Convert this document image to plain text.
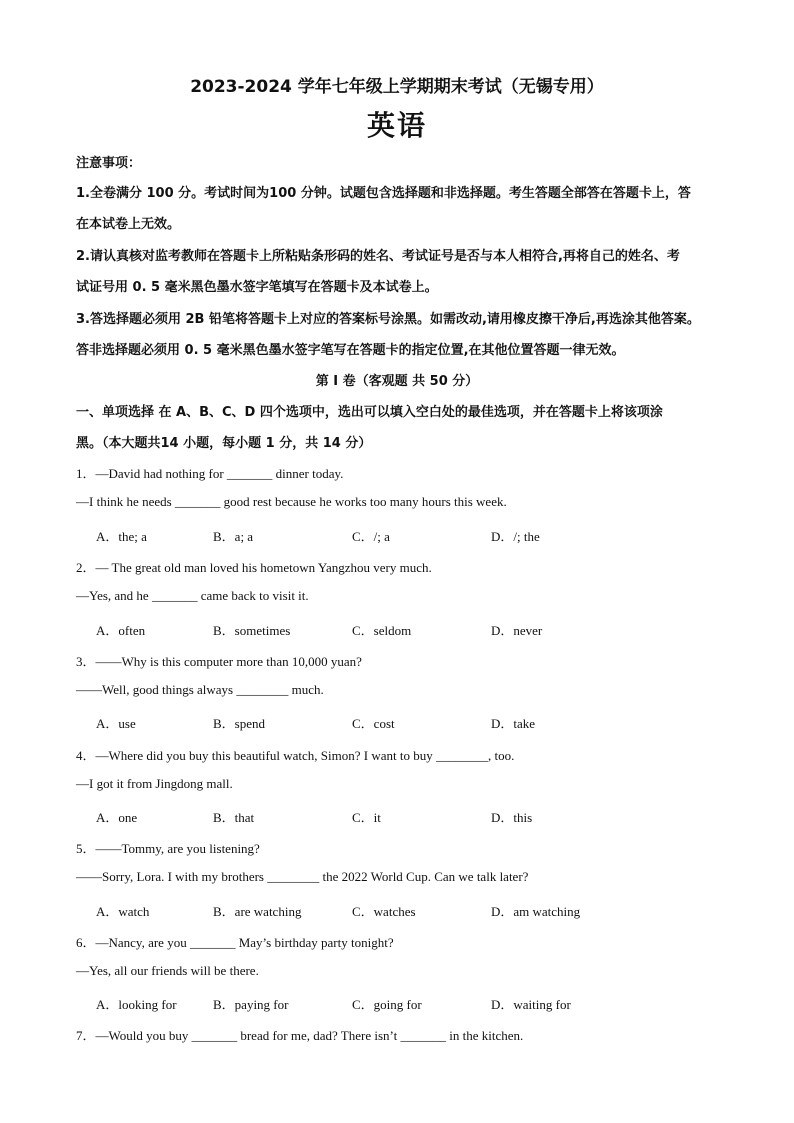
2023-2024 学年七年级上学期期末考试（无锡专用）
英语
注意事项：
1.全卷满分 100 分。考试时间为100 分钟。试题包含选择题和非选择题。考生答题全部答在答题卡上，答
在本试卷上无效。
2.请认真核对监考教师在答题卡上所粘贴条形码的姓名、考试证号是否与本人相符合,再将自己的姓名、考
试证号用 0. 5 毫米黑色墨水签字笔填写在答题卡及本试卷上。
3.答选择题必须用 2B 铅笔将答题卡上对应的答案标号涂黑。如需改动,请用橡皮擦干净后,再选涂其他答案。
答非选择题必须用 0. 5 毫米黑色墨水签字笔写在答题卡的指定位置,在其他位置答题一律无效。
第 I 卷（客观题 共 50 分）
一、单项选择 在 A、B、C、D 四个选项中，选出可以填入空白处的最佳选项，并在答题卡上将该项涂
黑。（本大题共14 小题，每小题 1 分，共 14 分）
1．—David had nothing for _______ dinner today.
—I think he needs _______ good rest because he works too many hours this week.
A．the; a	B．a; a	C．/; a	D．/; the
2．— The great old man loved his hometown Yangzhou very much.
—Yes, and he _______ came back to visit it.
A．often	B．sometimes	C．seldom	D．never
3．——Why is this computer more than 10,000 yuan?
——Well, good things always ________ much.
A．use	B．spend	C．cost	D．take
4．—Where did you buy this beautiful watch, Simon? I want to buy ________, too.
—I got it from Jingdong mall.
A．one	B．that	C．it	D．this
5．——Tommy, are you listening?
——Sorry, Lora. I with my brothers ________ the 2022 World Cup. Can we talk later?
A．watch	B．are watching	C．watches	D．am watching
6．—Nancy, are you _______ May’s birthday party tonight?
—Yes, all our friends will be there.
A．looking for	B．paying for	C．going for	D．waiting for
7．—Would you buy _______ bread for me, dad? There isn’t _______ in the kitchen.
